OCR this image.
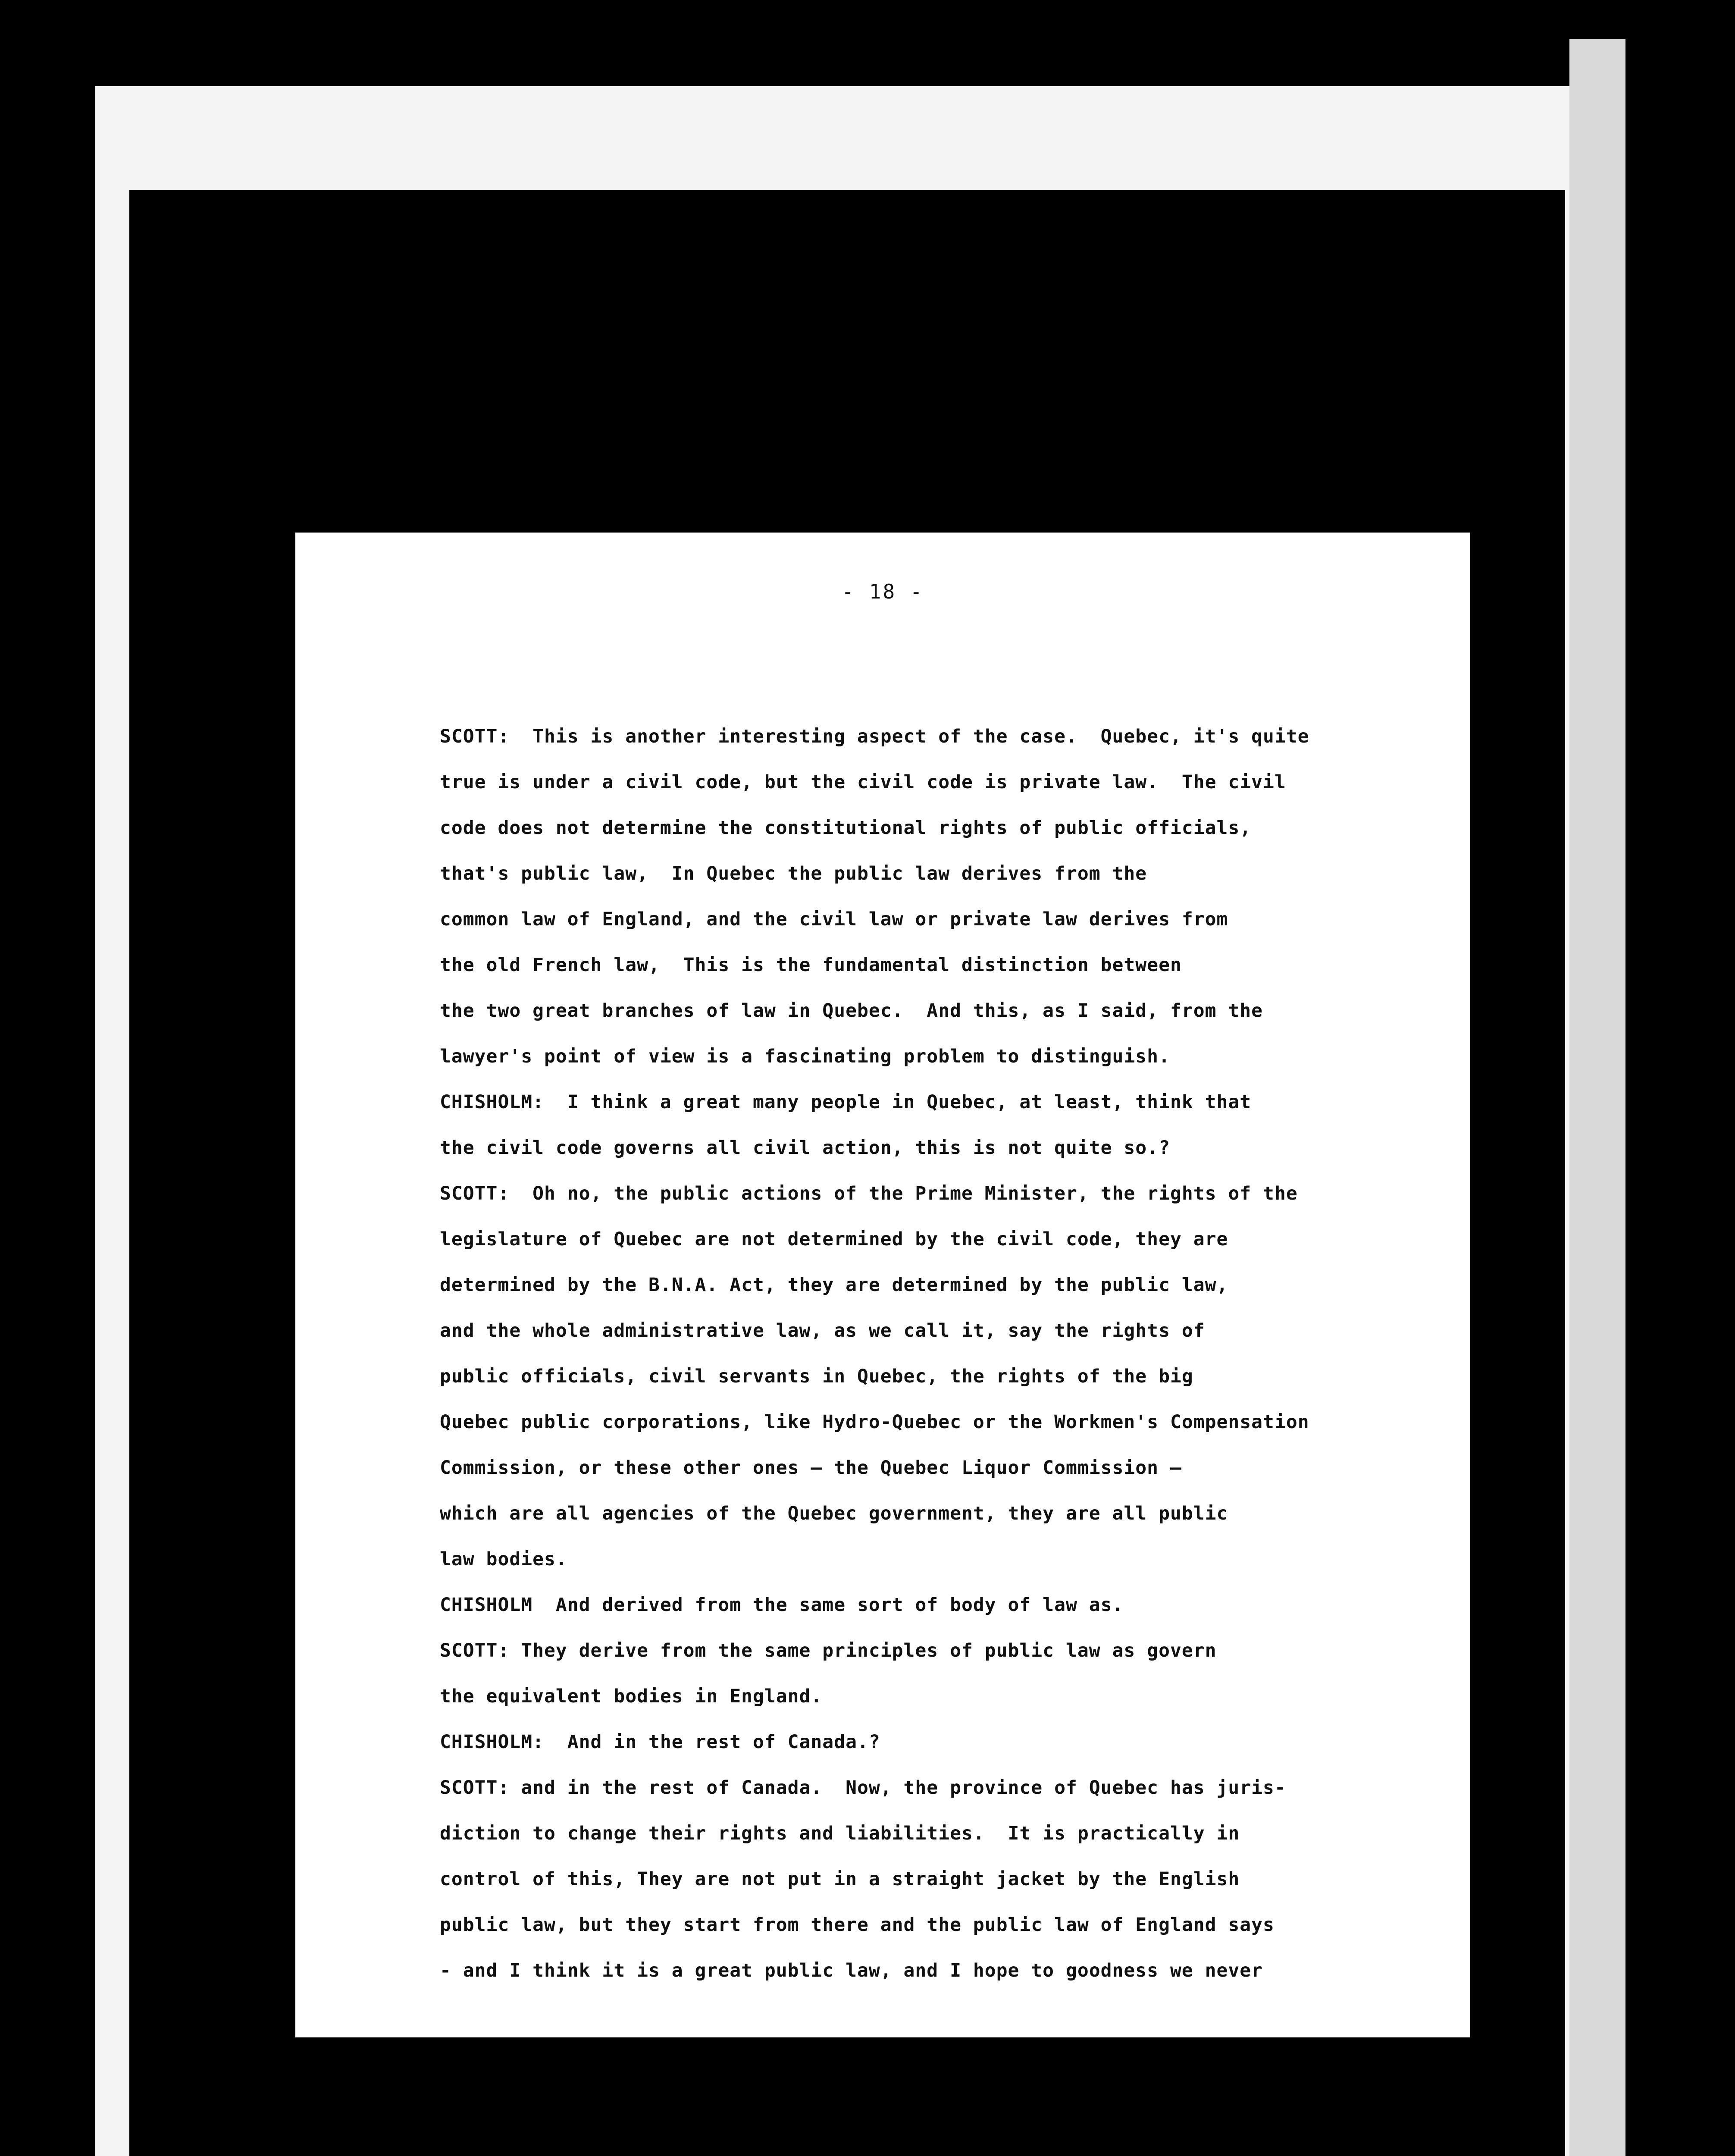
- 18 -
SCOTT:  This is another interesting aspect of the case.  Quebec, it's quite
true is under a civil code, but the civil code is private law.  The civil
code does not determine the constitutional rights of public officials,
that's public law,  In Quebec the public law derives from the
common law of England, and the civil law or private law derives from
the old French law,  This is the fundamental distinction between
the two great branches of law in Quebec.  And this, as I said, from the
lawyer's point of view is a fascinating problem to distinguish.
CHISHOLM:  I think a great many people in Quebec, at least, think that
the civil code governs all civil action, this is not quite so.?
SCOTT:  Oh no, the public actions of the Prime Minister, the rights of the
legislature of Quebec are not determined by the civil code, they are
determined by the B.N.A. Act, they are determined by the public law,
and the whole administrative law, as we call it, say the rights of
public officials, civil servants in Quebec, the rights of the big
Quebec public corporations, like Hydro-Quebec or the Workmen's Compensation
Commission, or these other ones — the Quebec Liquor Commission —
which are all agencies of the Quebec government, they are all public
law bodies.
CHISHOLM  And derived from the same sort of body of law as.
SCOTT: They derive from the same principles of public law as govern
the equivalent bodies in England.
CHISHOLM:  And in the rest of Canada.?
SCOTT: and in the rest of Canada.  Now, the province of Quebec has juris-
diction to change their rights and liabilities.  It is practically in
control of this, They are not put in a straight jacket by the English
public law, but they start from there and the public law of England says
- and I think it is a great public law, and I hope to goodness we never
